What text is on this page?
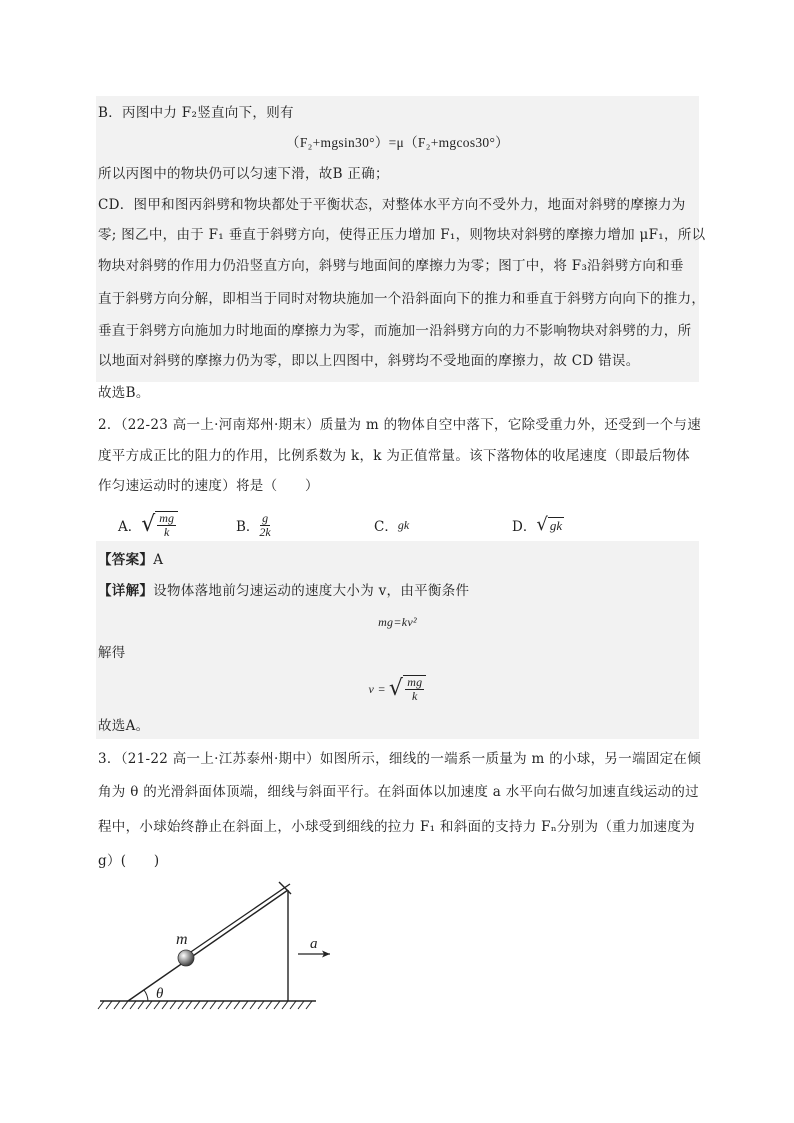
B．丙图中力 F₂竖直向下，则有
（F₂+mgsin30°）=μ（F₂+mgcos30°）
所以丙图中的物块仍可以匀速下滑，故B 正确；
CD．图甲和图丙斜劈和物块都处于平衡状态，对整体水平方向不受外力，地面对斜劈的摩擦力为
零; 图乙中，由于 F₁ 垂直于斜劈方向，使得正压力增加 F₁，则物块对斜劈的摩擦力增加 μF₁，所以
物块对斜劈的作用力仍沿竖直方向，斜劈与地面间的摩擦力为零；图丁中，将 F₃沿斜劈方向和垂
直于斜劈方向分解，即相当于同时对物块施加一个沿斜面向下的推力和垂直于斜劈方向向下的推力，
垂直于斜劈方向施加力时地面的摩擦力为零，而施加一沿斜劈方向的力不影响物块对斜劈的力，所
以地面对斜劈的摩擦力仍为零，即以上四图中，斜劈均不受地面的摩擦力，故 CD 错误。
故选B。
2．（22-23 高一上·河南郑州·期末）质量为 m 的物体自空中落下，它除受重力外，还受到一个与速
度平方成正比的阻力的作用，比例系数为 k，k 为正值常量。该下落物体的收尾速度（即最后物体
作匀速运动时的速度）将是（　　）
A． √ $\frac{mg}{k}$	B． $\frac{g}{2k}$	C． gk	D． √ gk
【答案】A
【详解】设物体落地前匀速运动的速度大小为 v，由平衡条件
mg=kv²
解得
v = √ $\frac{mg}{k}$
故选A。
3．（21-22 高一上·江苏泰州·期中）如图所示，细线的一端系一质量为 m 的小球，另一端固定在倾
角为 θ 的光滑斜面体顶端，细线与斜面平行。在斜面体以加速度 a 水平向右做匀加速直线运动的过
程中，小球始终静止在斜面上，小球受到细线的拉力 F₁ 和斜面的支持力 Fₙ分别为（重力加速度为
g）(　　)
m
θ
a
